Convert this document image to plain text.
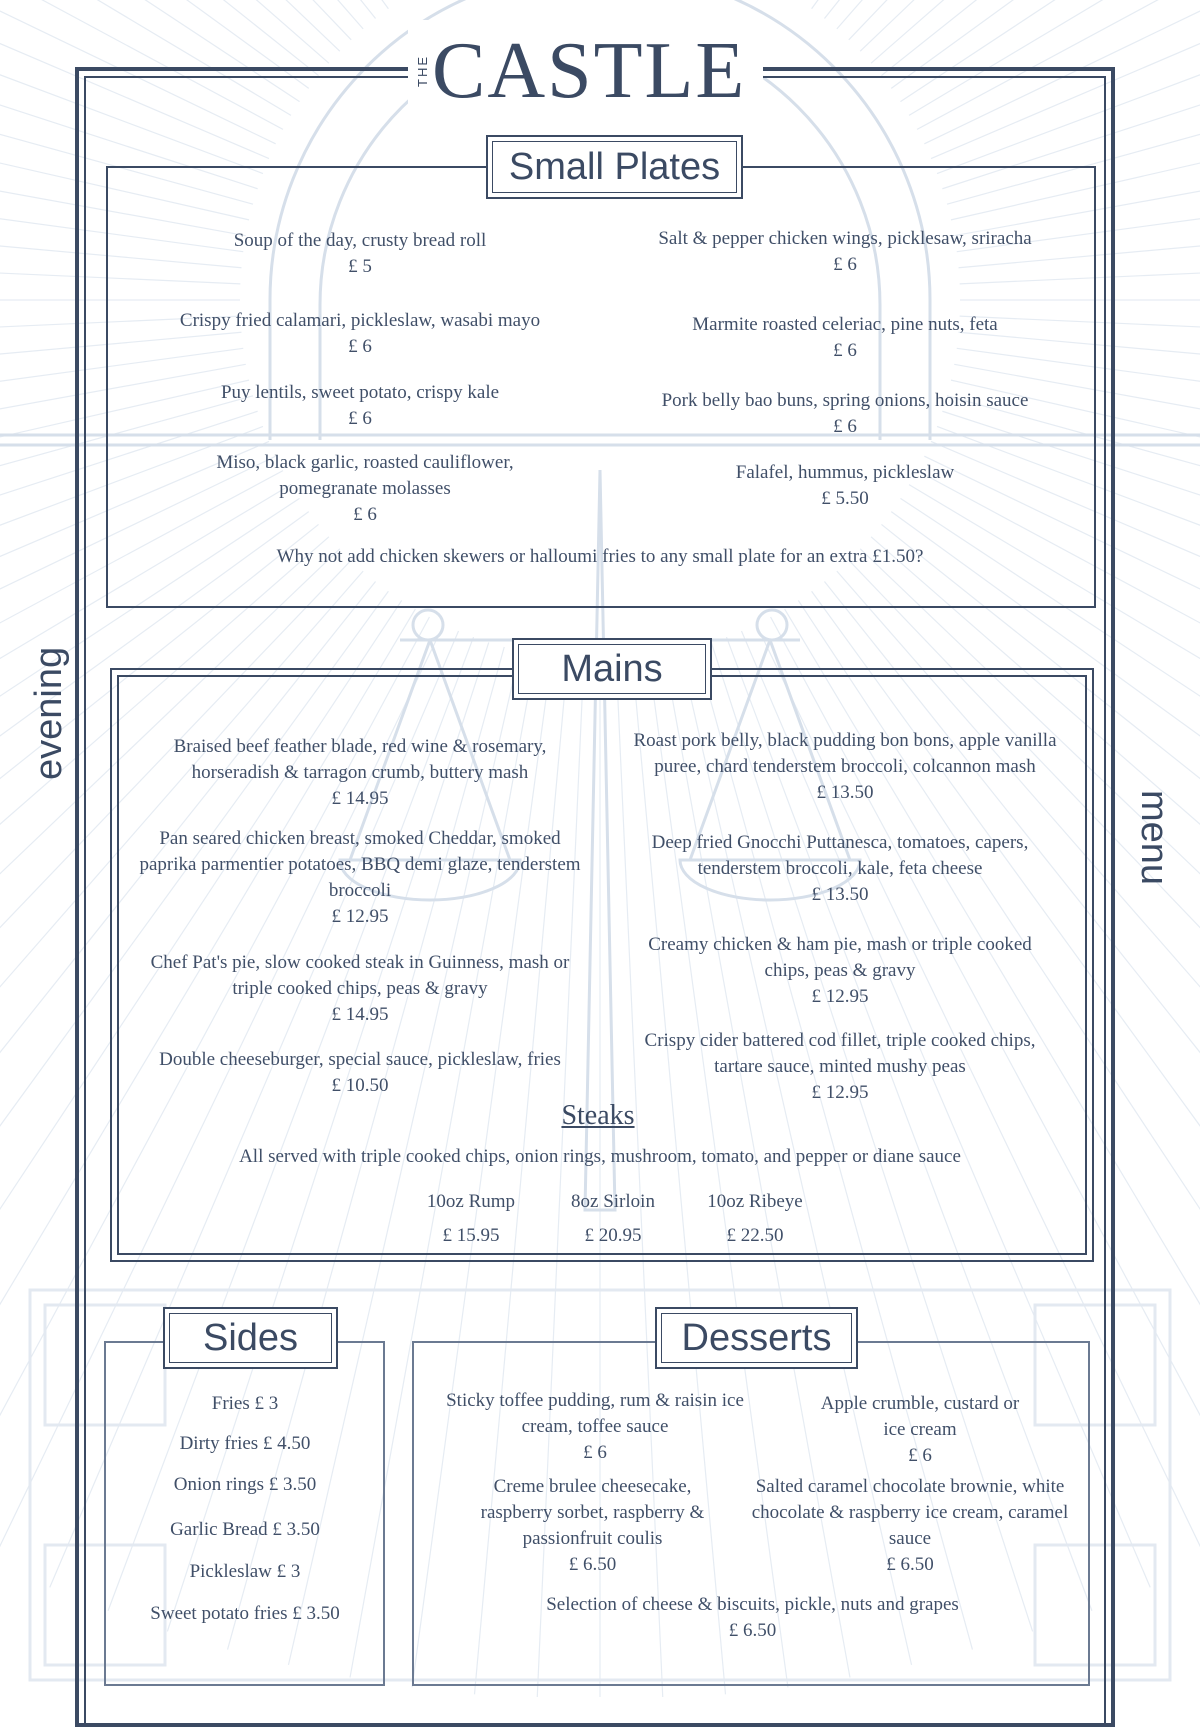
THE CASTLE
evening
menu
Small Plates
Soup of the day, crusty bread roll
£ 5
Salt & pepper chicken wings, picklesaw, sriracha
£ 6
Crispy fried calamari, pickleslaw, wasabi mayo
£ 6
Marmite roasted celeriac, pine nuts, feta
£ 6
Puy lentils, sweet potato, crispy kale
£ 6
Pork belly bao buns, spring onions, hoisin sauce
£ 6
Miso, black garlic, roasted cauliflower, pomegranate molasses
£ 6
Falafel, hummus, pickleslaw
£ 5.50
Why not add chicken skewers or halloumi fries to any small plate for an extra £1.50?
Mains
Braised beef feather blade, red wine & rosemary, horseradish & tarragon crumb, buttery mash
£ 14.95
Roast pork belly, black pudding bon bons, apple vanilla puree, chard tenderstem broccoli, colcannon mash
£ 13.50
Pan seared chicken breast, smoked Cheddar, smoked paprika parmentier potatoes, BBQ demi glaze, tenderstem broccoli
£ 12.95
Deep fried Gnocchi Puttanesca, tomatoes, capers, tenderstem broccoli, kale, feta cheese
£ 13.50
Chef Pat's pie, slow cooked steak in Guinness, mash or triple cooked chips, peas & gravy
£ 14.95
Creamy chicken & ham pie, mash or triple cooked chips, peas & gravy
£ 12.95
Double cheeseburger, special sauce, pickleslaw, fries
£ 10.50
Crispy cider battered cod fillet, triple cooked chips, tartare sauce, minted mushy peas
£ 12.95
Steaks
All served with triple cooked chips, onion rings, mushroom, tomato, and pepper or diane sauce
10oz Rump
£ 15.95
8oz Sirloin
£ 20.95
10oz Ribeye
£ 22.50
Sides
Fries £ 3
Dirty fries £ 4.50
Onion rings £ 3.50
Garlic Bread £ 3.50
Pickleslaw £ 3
Sweet potato fries £ 3.50
Desserts
Sticky toffee pudding, rum & raisin ice cream, toffee sauce
£ 6
Apple crumble, custard or ice cream
£ 6
Creme brulee cheesecake, raspberry sorbet, raspberry & passionfruit coulis
£ 6.50
Salted caramel chocolate brownie, white chocolate & raspberry ice cream, caramel sauce
£ 6.50
Selection of cheese & biscuits, pickle, nuts and grapes
£ 6.50
